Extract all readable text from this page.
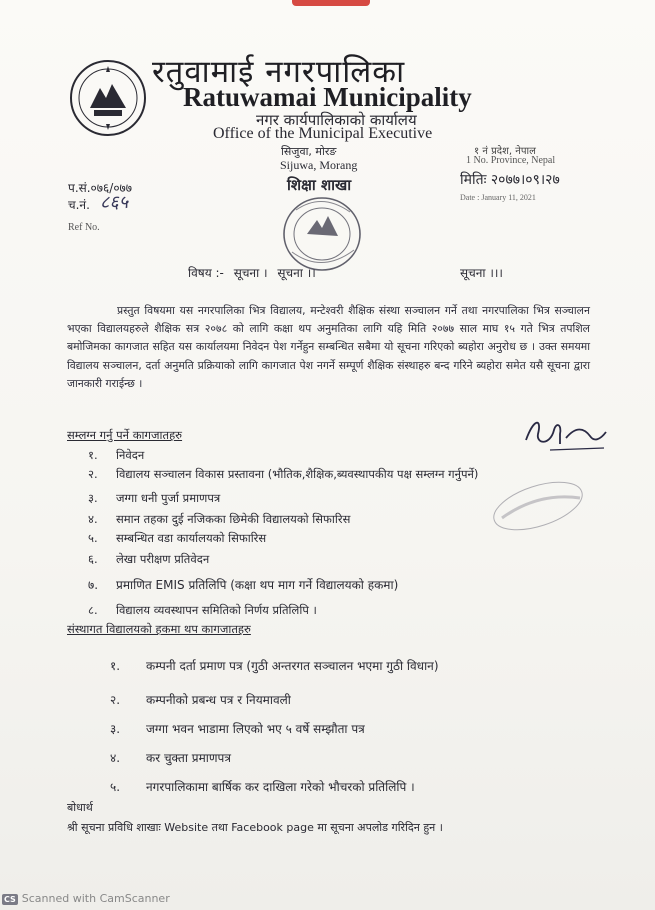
रतुवामाई नगरपालिका
Ratuwamai Municipality
नगर कार्यपालिकाको कार्यालय
Office of the Municipal Executive
सिजुवा, मोरङ
Sijuwa, Morang
शिक्षा शाखा
१ नं प्रदेश, नेपाल
1 No. Province, Nepal
मितिः २०७७।०९।२७
Date : January 11, 2021
प.सं.०७६/०७७
च.नं. ८६५
Ref No.
विषय :- सूचना । सूचना ।।	सूचना ।।।
प्रस्तुत विषयमा यस नगरपालिका भित्र विद्यालय, मन्टेश्वरी शैक्षिक संस्था सञ्चालन गर्ने तथा नगरपालिका भित्र सञ्चालन भएका विद्यालयहरुले शैक्षिक सत्र २०७८ को लागि कक्षा थप अनुमतिका लागि यहि मिति २०७७ साल माघ १५ गते भित्र तपशिल बमोजिमका कागजात सहित यस कार्यालयमा निवेदन पेश गर्नेहुन सम्बन्धित सबैमा यो सूचना गरिएको ब्यहोरा अनुरोध छ । उक्त समयमा विद्यालय सञ्चालन, दर्ता अनुमति प्रक्रियाको लागि कागजात पेश नगर्ने सम्पूर्ण शैक्षिक संस्थाहरु बन्द गरिने ब्यहोरा समेत यसै सूचना द्वारा जानकारी गराईन्छ ।
सम्लग्न गर्नु पर्ने कागजातहरु
१. निवेदन
२. विद्यालय सञ्चालन विकास प्रस्तावना (भौतिक,शैक्षिक,ब्यवस्थापकीय पक्ष सम्लग्न गर्नुपर्ने)
३. जग्गा धनी पुर्जा प्रमाणपत्र
४. समान तहका दुई नजिकका छिमेकी विद्यालयको सिफारिस
५. सम्बन्धित वडा कार्यालयको सिफारिस
६. लेखा परीक्षण प्रतिवेदन
७. प्रमाणित EMIS प्रतिलिपि (कक्षा थप माग गर्ने विद्यालयको हकमा)
८. विद्यालय व्यवस्थापन समितिको निर्णय प्रतिलिपि ।
संस्थागत विद्यालयको हकमा थप कागजातहरु
१. कम्पनी दर्ता प्रमाण पत्र (गुठी अन्तरगत सञ्चालन भएमा गुठी विधान)
२. कम्पनीको प्रबन्ध पत्र र नियमावली
३. जग्गा भवन भाडामा लिएको भए ५ वर्षे सम्झौता पत्र
४. कर चुक्ता प्रमाणपत्र
५. नगरपालिकामा बार्षिक कर दाखिला गरेको भौचरको प्रतिलिपि ।
बोधार्थ
श्री सूचना प्रविधि शाखाः Website तथा Facebook page मा सूचना अपलोड गरिदिन हुन ।
CS Scanned with CamScanner
